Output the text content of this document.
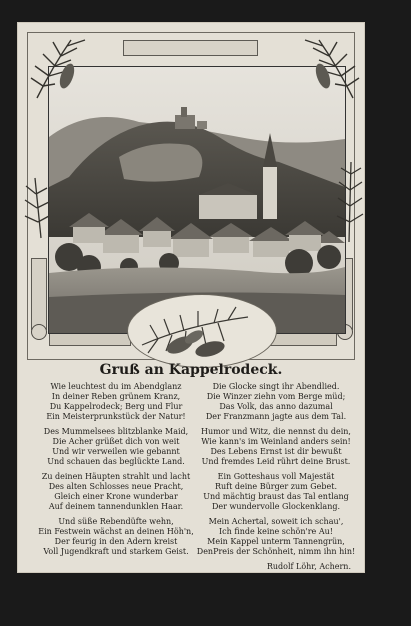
Gruß an Kappelrodeck.
Wie leuchtest du im Abendglanz
In deiner Reben grünem Kranz,
Du Kappelrodeck; Berg und Flur
Ein Meisterprunkstück der Natur!
Des Mummelsees blitzblanke Maid,
Die Acher grüßet dich von weit
Und wir verweilen wie gebannt
Und schauen das beglückte Land.
Zu deinen Häupten strahlt und lacht
Des alten Schlosses neue Pracht,
Gleich einer Krone wunderbar
Auf deinem tannendunklen Haar.
Und süße Rebendüfte wehn,
Ein Festwein wächst an deinen Höh'n,
Der feurig in den Adern kreist
Voll Jugendkraft und starkem Geist.
Die Glocke singt ihr Abendlied.
Die Winzer ziehn vom Berge müd;
Das Volk, das anno dazumal
Der Franzmann jagte aus dem Tal.
Humor und Witz, die nennst du dein,
Wie kann's im Weinland anders sein!
Des Lebens Ernst ist dir bewußt
Und fremdes Leid rührt deine Brust.
Ein Gotteshaus voll Majestät
Ruft deine Bürger zum Gebet.
Und mächtig braust das Tal entlang
Der wundervolle Glockenklang.
Mein Achertal, soweit ich schau',
Ich finde keine schön're Au!
Mein Kappel unterm Tannengrün,
DenPreis der Schönheit, nimm ihn hin!
Rudolf Löhr, Achern.
